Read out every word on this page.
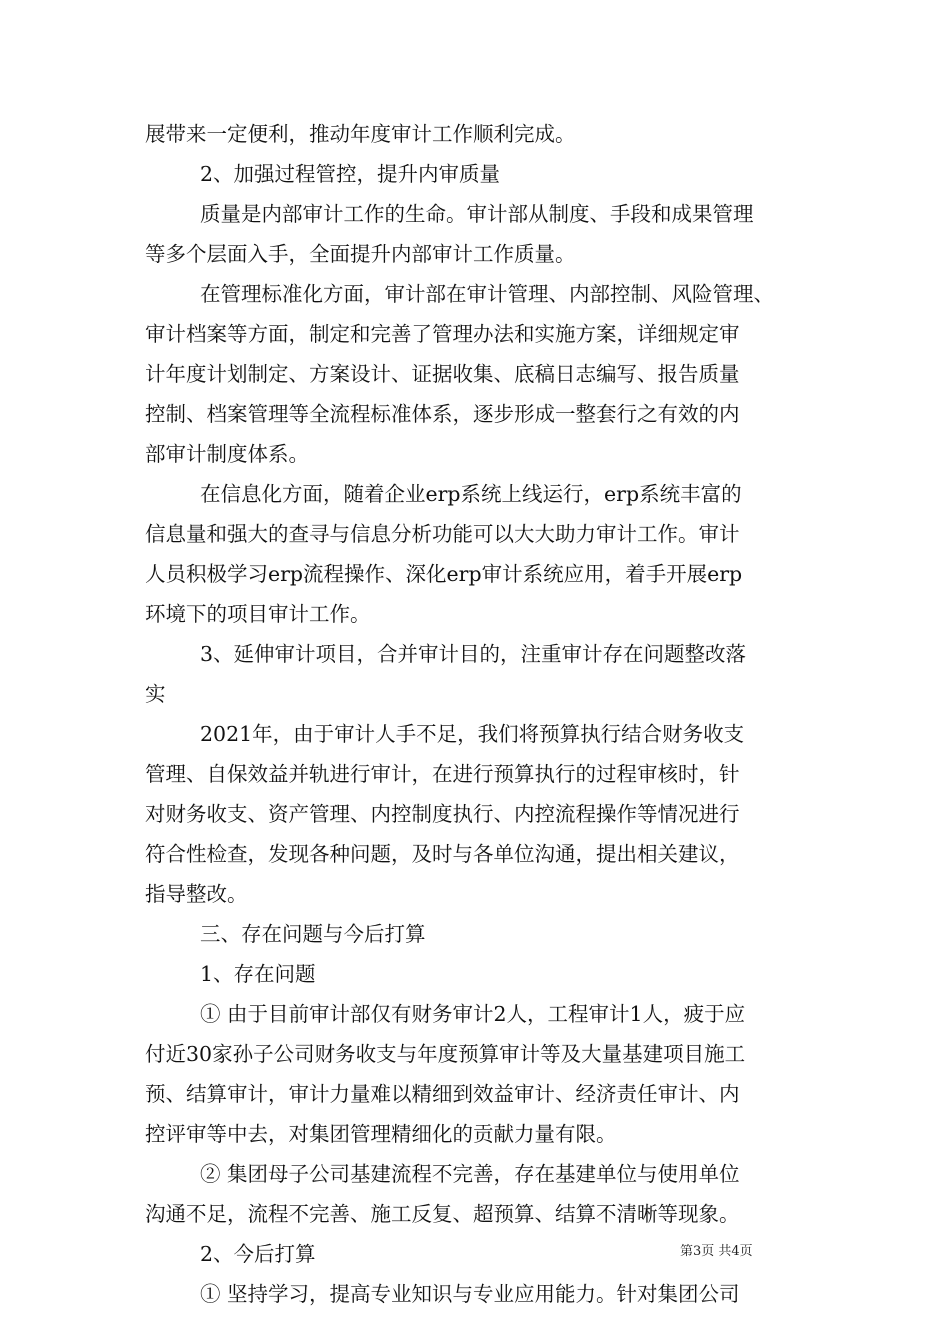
展带来一定便利，推动年度审计工作顺利完成。

2、加强过程管控，提升内审质量

质量是内部审计工作的生命。审计部从制度、手段和成果管理

等多个层面入手，全面提升内部审计工作质量。

在管理标准化方面，审计部在审计管理、内部控制、风险管理、

审计档案等方面，制定和完善了管理办法和实施方案，详细规定审

计年度计划制定、方案设计、证据收集、底稿日志编写、报告质量

控制、档案管理等全流程标准体系，逐步形成一整套行之有效的内

部审计制度体系。

在信息化方面，随着企业erp系统上线运行，erp系统丰富的

信息量和强大的查寻与信息分析功能可以大大助力审计工作。审计

人员积极学习erp流程操作、深化erp审计系统应用，着手开展erp

环境下的项目审计工作。

3、延伸审计项目，合并审计目的，注重审计存在问题整改落

实

2021年，由于审计人手不足，我们将预算执行结合财务收支

管理、自保效益并轨进行审计，在进行预算执行的过程审核时，针

对财务收支、资产管理、内控制度执行、内控流程操作等情况进行

符合性检查，发现各种问题，及时与各单位沟通，提出相关建议，

指导整改。

三、存在问题与今后打算

1、存在问题

① 由于目前审计部仅有财务审计2人，工程审计1人，疲于应

付近30家孙子公司财务收支与年度预算审计等及大量基建项目施工

预、结算审计，审计力量难以精细到效益审计、经济责任审计、内

控评审等中去，对集团管理精细化的贡献力量有限。

② 集团母子公司基建流程不完善，存在基建单位与使用单位

沟通不足，流程不完善、施工反复、超预算、结算不清晰等现象。

2、今后打算

① 坚持学习，提高专业知识与专业应用能力。针对集团公司

第3页 共4页
